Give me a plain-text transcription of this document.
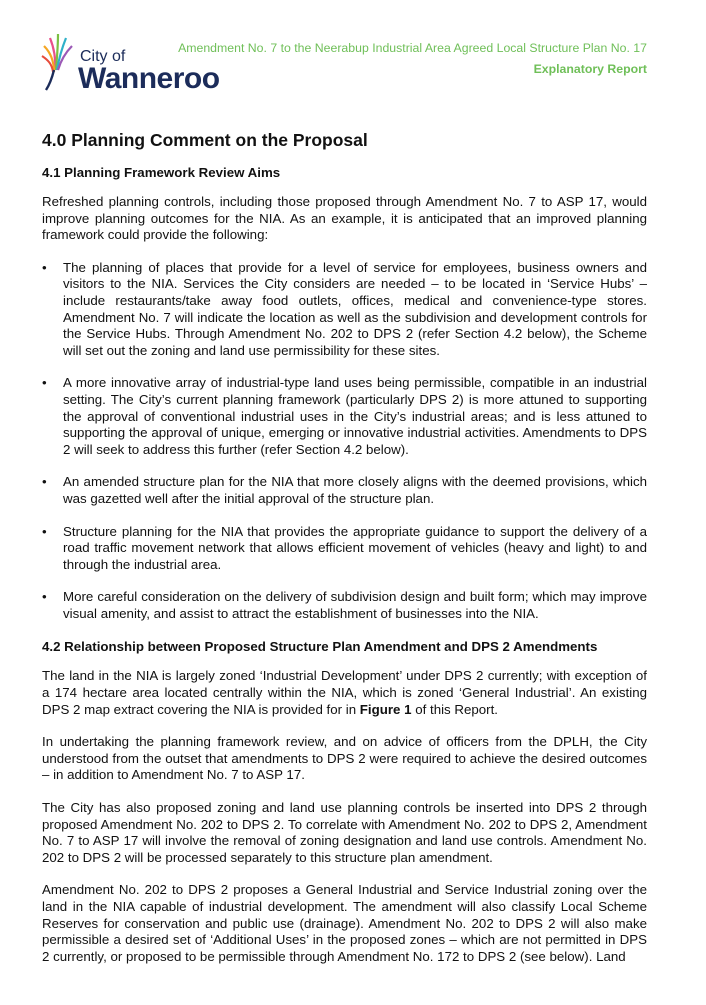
City of
Wanneroo
Amendment No. 7 to the Neerabup Industrial Area Agreed Local Structure Plan No. 17
Explanatory Report
4.0 Planning Comment on the Proposal
4.1 Planning Framework Review Aims

Refreshed planning controls, including those proposed through Amendment No. 7 to ASP 17, would improve planning outcomes for the NIA. As an example, it is anticipated that an improved planning framework could provide the following:

• The planning of places that provide for a level of service for employees, business owners and visitors to the NIA. Services the City considers are needed – to be located in ‘Service Hubs’ – include restaurants/take away food outlets, offices, medical and convenience-type stores. Amendment No. 7 will indicate the location as well as the subdivision and development controls for the Service Hubs. Through Amendment No. 202 to DPS 2 (refer Section 4.2 below), the Scheme will set out the zoning and land use permissibility for these sites.
• A more innovative array of industrial-type land uses being permissible, compatible in an industrial setting. The City’s current planning framework (particularly DPS 2) is more attuned to supporting the approval of conventional industrial uses in the City’s industrial areas; and is less attuned to supporting the approval of unique, emerging or innovative industrial activities. Amendments to DPS 2 will seek to address this further (refer Section 4.2 below).
• An amended structure plan for the NIA that more closely aligns with the deemed provisions, which was gazetted well after the initial approval of the structure plan.
• Structure planning for the NIA that provides the appropriate guidance to support the delivery of a road traffic movement network that allows efficient movement of vehicles (heavy and light) to and through the industrial area.
• More careful consideration on the delivery of subdivision design and built form; which may improve visual amenity, and assist to attract the establishment of businesses into the NIA.
4.2 Relationship between Proposed Structure Plan Amendment and DPS 2 Amendments

The land in the NIA is largely zoned ‘Industrial Development’ under DPS 2 currently; with exception of a 174 hectare area located centrally within the NIA, which is zoned ‘General Industrial’. An existing DPS 2 map extract covering the NIA is provided for in Figure 1 of this Report.

In undertaking the planning framework review, and on advice of officers from the DPLH, the City understood from the outset that amendments to DPS 2 were required to achieve the desired outcomes – in addition to Amendment No. 7 to ASP 17.

The City has also proposed zoning and land use planning controls be inserted into DPS 2 through proposed Amendment No. 202 to DPS 2. To correlate with Amendment No. 202 to DPS 2, Amendment No. 7 to ASP 17 will involve the removal of zoning designation and land use controls. Amendment No. 202 to DPS 2 will be processed separately to this structure plan amendment.

Amendment No. 202 to DPS 2 proposes a General Industrial and Service Industrial zoning over the land in the NIA capable of industrial development. The amendment will also classify Local Scheme Reserves for conservation and public use (drainage). Amendment No. 202 to DPS 2 will also make permissible a desired set of ‘Additional Uses’ in the proposed zones – which are not permitted in DPS 2 currently, or proposed to be permissible through Amendment No. 172 to DPS 2 (see below). Land
